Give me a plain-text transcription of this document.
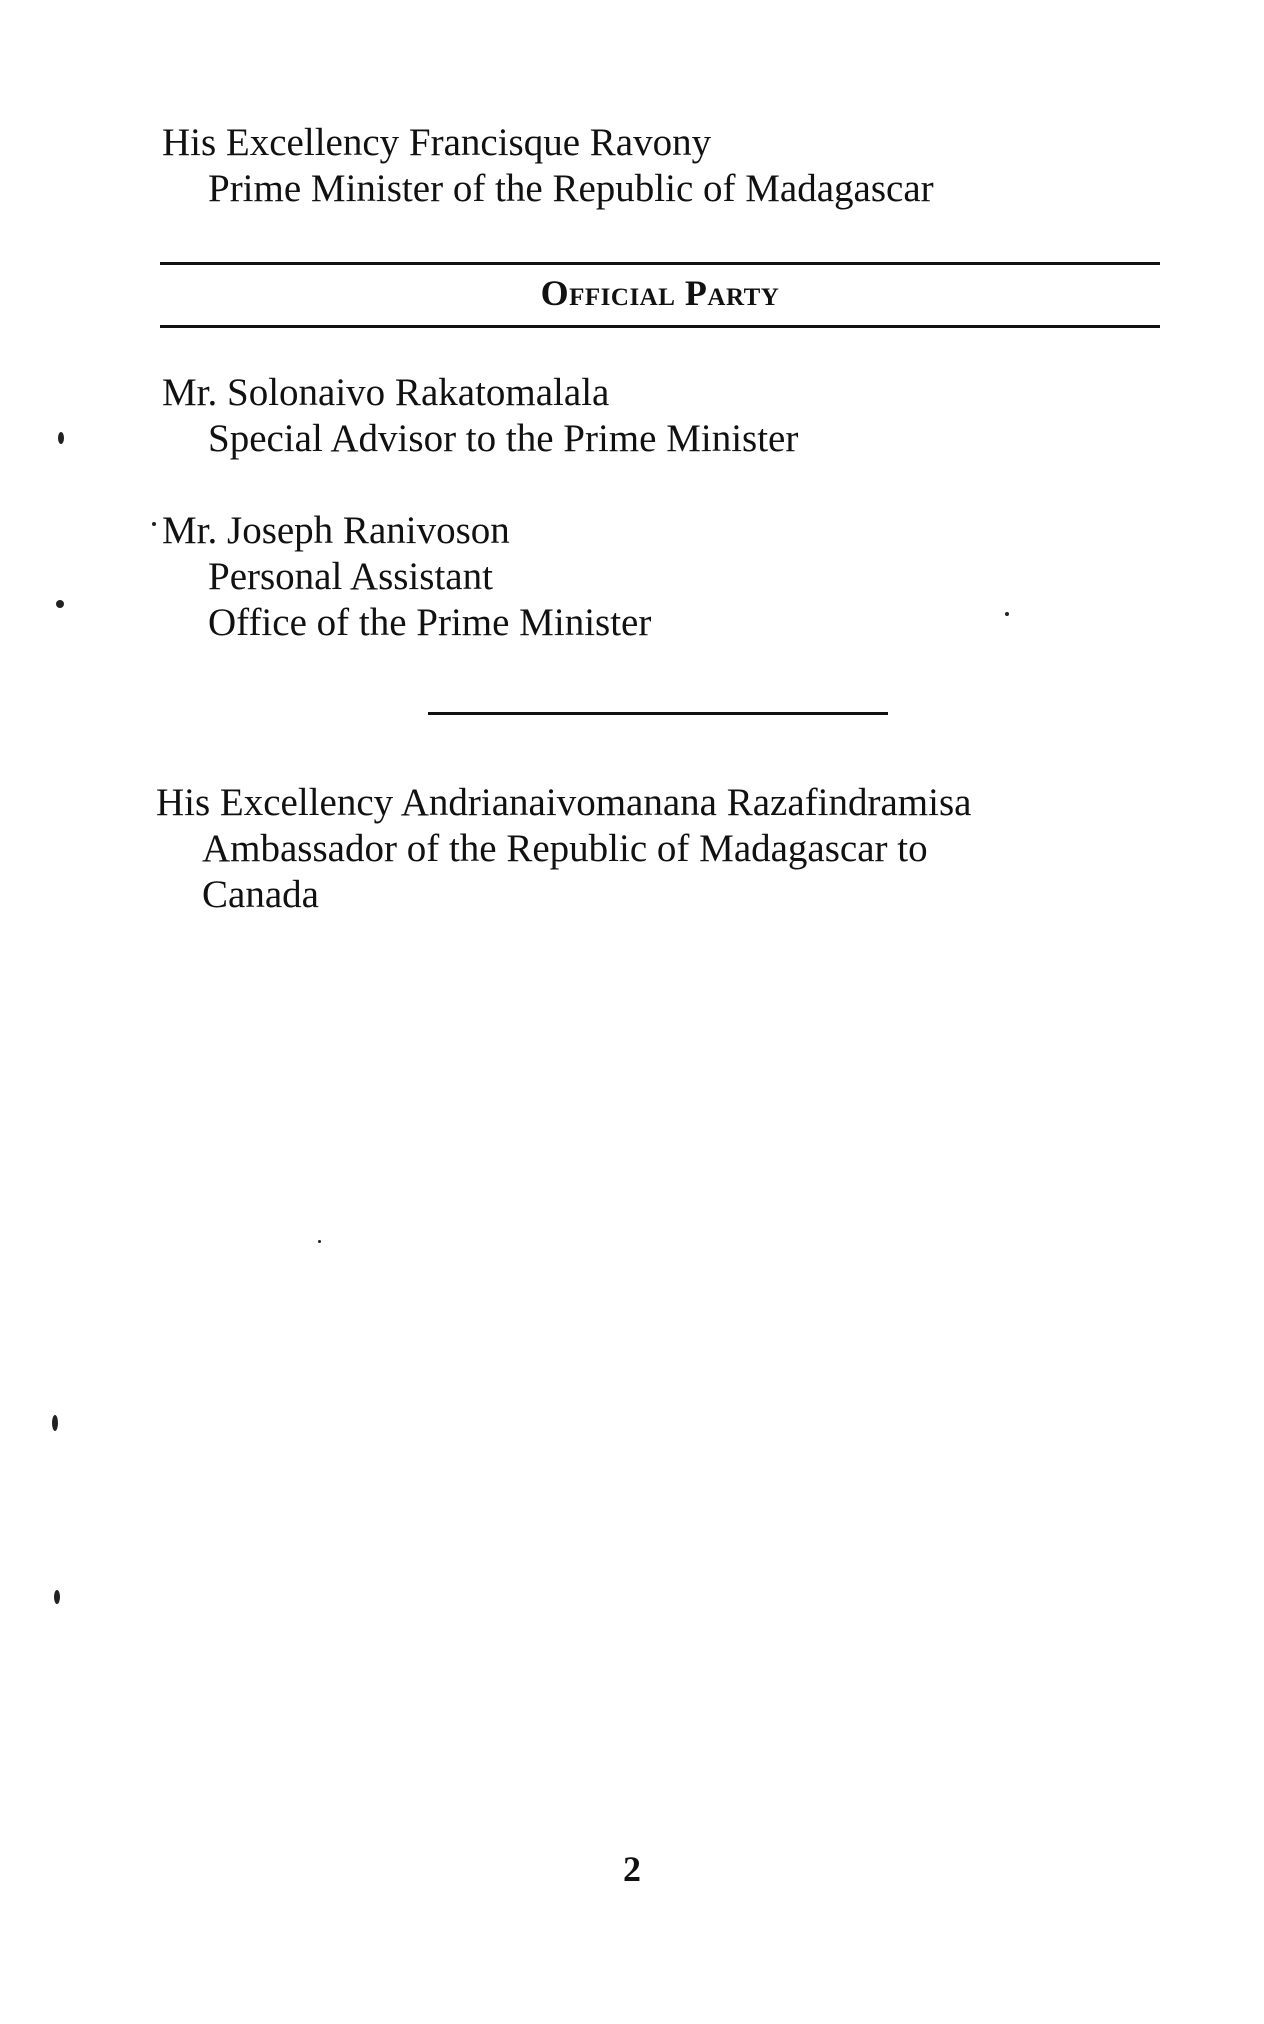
His Excellency Francisque Ravony
Prime Minister of the Republic of Madagascar
Official Party
Mr. Solonaivo Rakatomalala
Special Advisor to the Prime Minister
Mr. Joseph Ranivoson
Personal Assistant
Office of the Prime Minister
His Excellency Andrianaivomanana Razafindramisa
Ambassador of the Republic of Madagascar to
Canada
2
